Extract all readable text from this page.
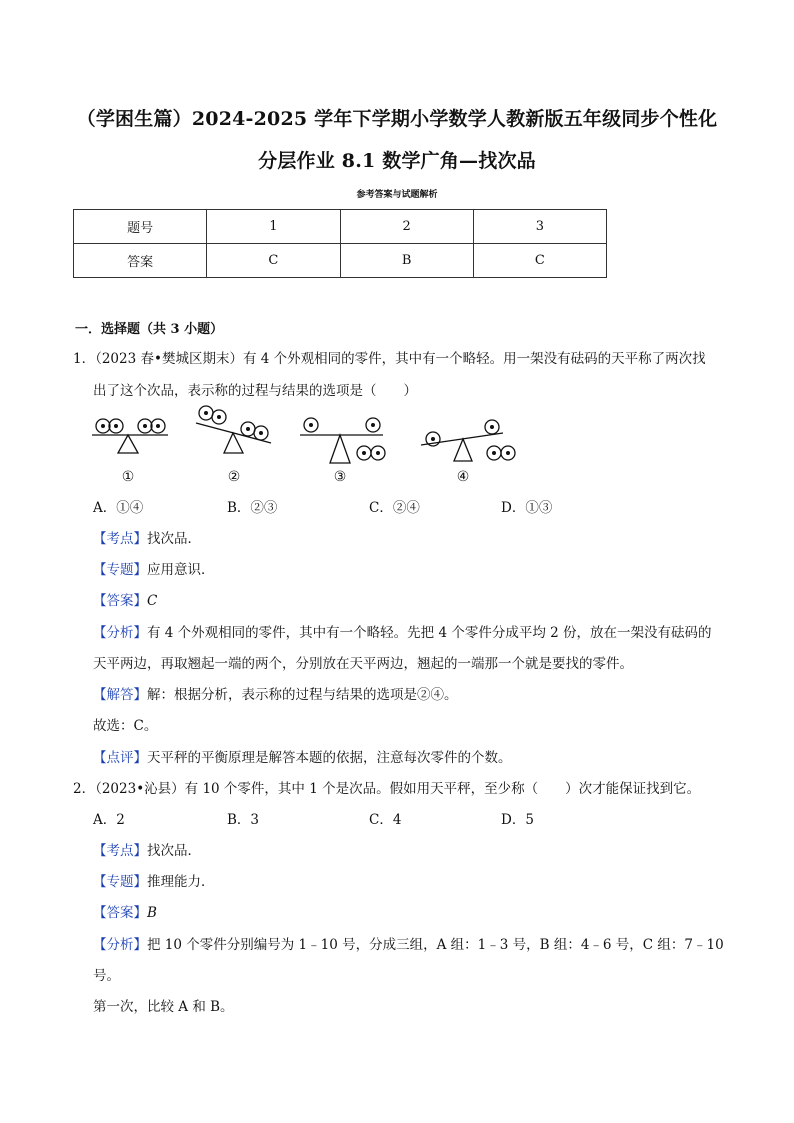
（学困生篇）2024-2025 学年下学期小学数学人教新版五年级同步个性化
分层作业 8.1 数学广角—找次品
参考答案与试题解析
题号	1	2	3
答案	C	B	C
一．选择题（共 3 小题）
1．（2023 春•樊城区期末）有 4 个外观相同的零件，其中有一个略轻。用一架没有砝码的天平称了两次找
出了这个次品，表示称的过程与结果的选项是（　　）
①	②	③	④
A．①④	B．②③	C．②④	D．①③
【考点】找次品．
【专题】应用意识．
【答案】C
【分析】有 4 个外观相同的零件，其中有一个略轻。先把 4 个零件分成平均 2 份，放在一架没有砝码的
天平两边，再取翘起一端的两个，分别放在天平两边，翘起的一端那一个就是要找的零件。
【解答】解：根据分析，表示称的过程与结果的选项是②④。
故选：C。
【点评】天平秤的平衡原理是解答本题的依据，注意每次零件的个数。
2．（2023•沁县）有 10 个零件，其中 1 个是次品。假如用天平秤，至少称（　　）次才能保证找到它。
A．2	B．3	C．4	D．5
【考点】找次品．
【专题】推理能力．
【答案】B
【分析】把 10 个零件分别编号为 1﹣10 号，分成三组，A 组：1﹣3 号，B 组：4﹣6 号，C 组：7﹣10
号。
第一次，比较 A 和 B。
